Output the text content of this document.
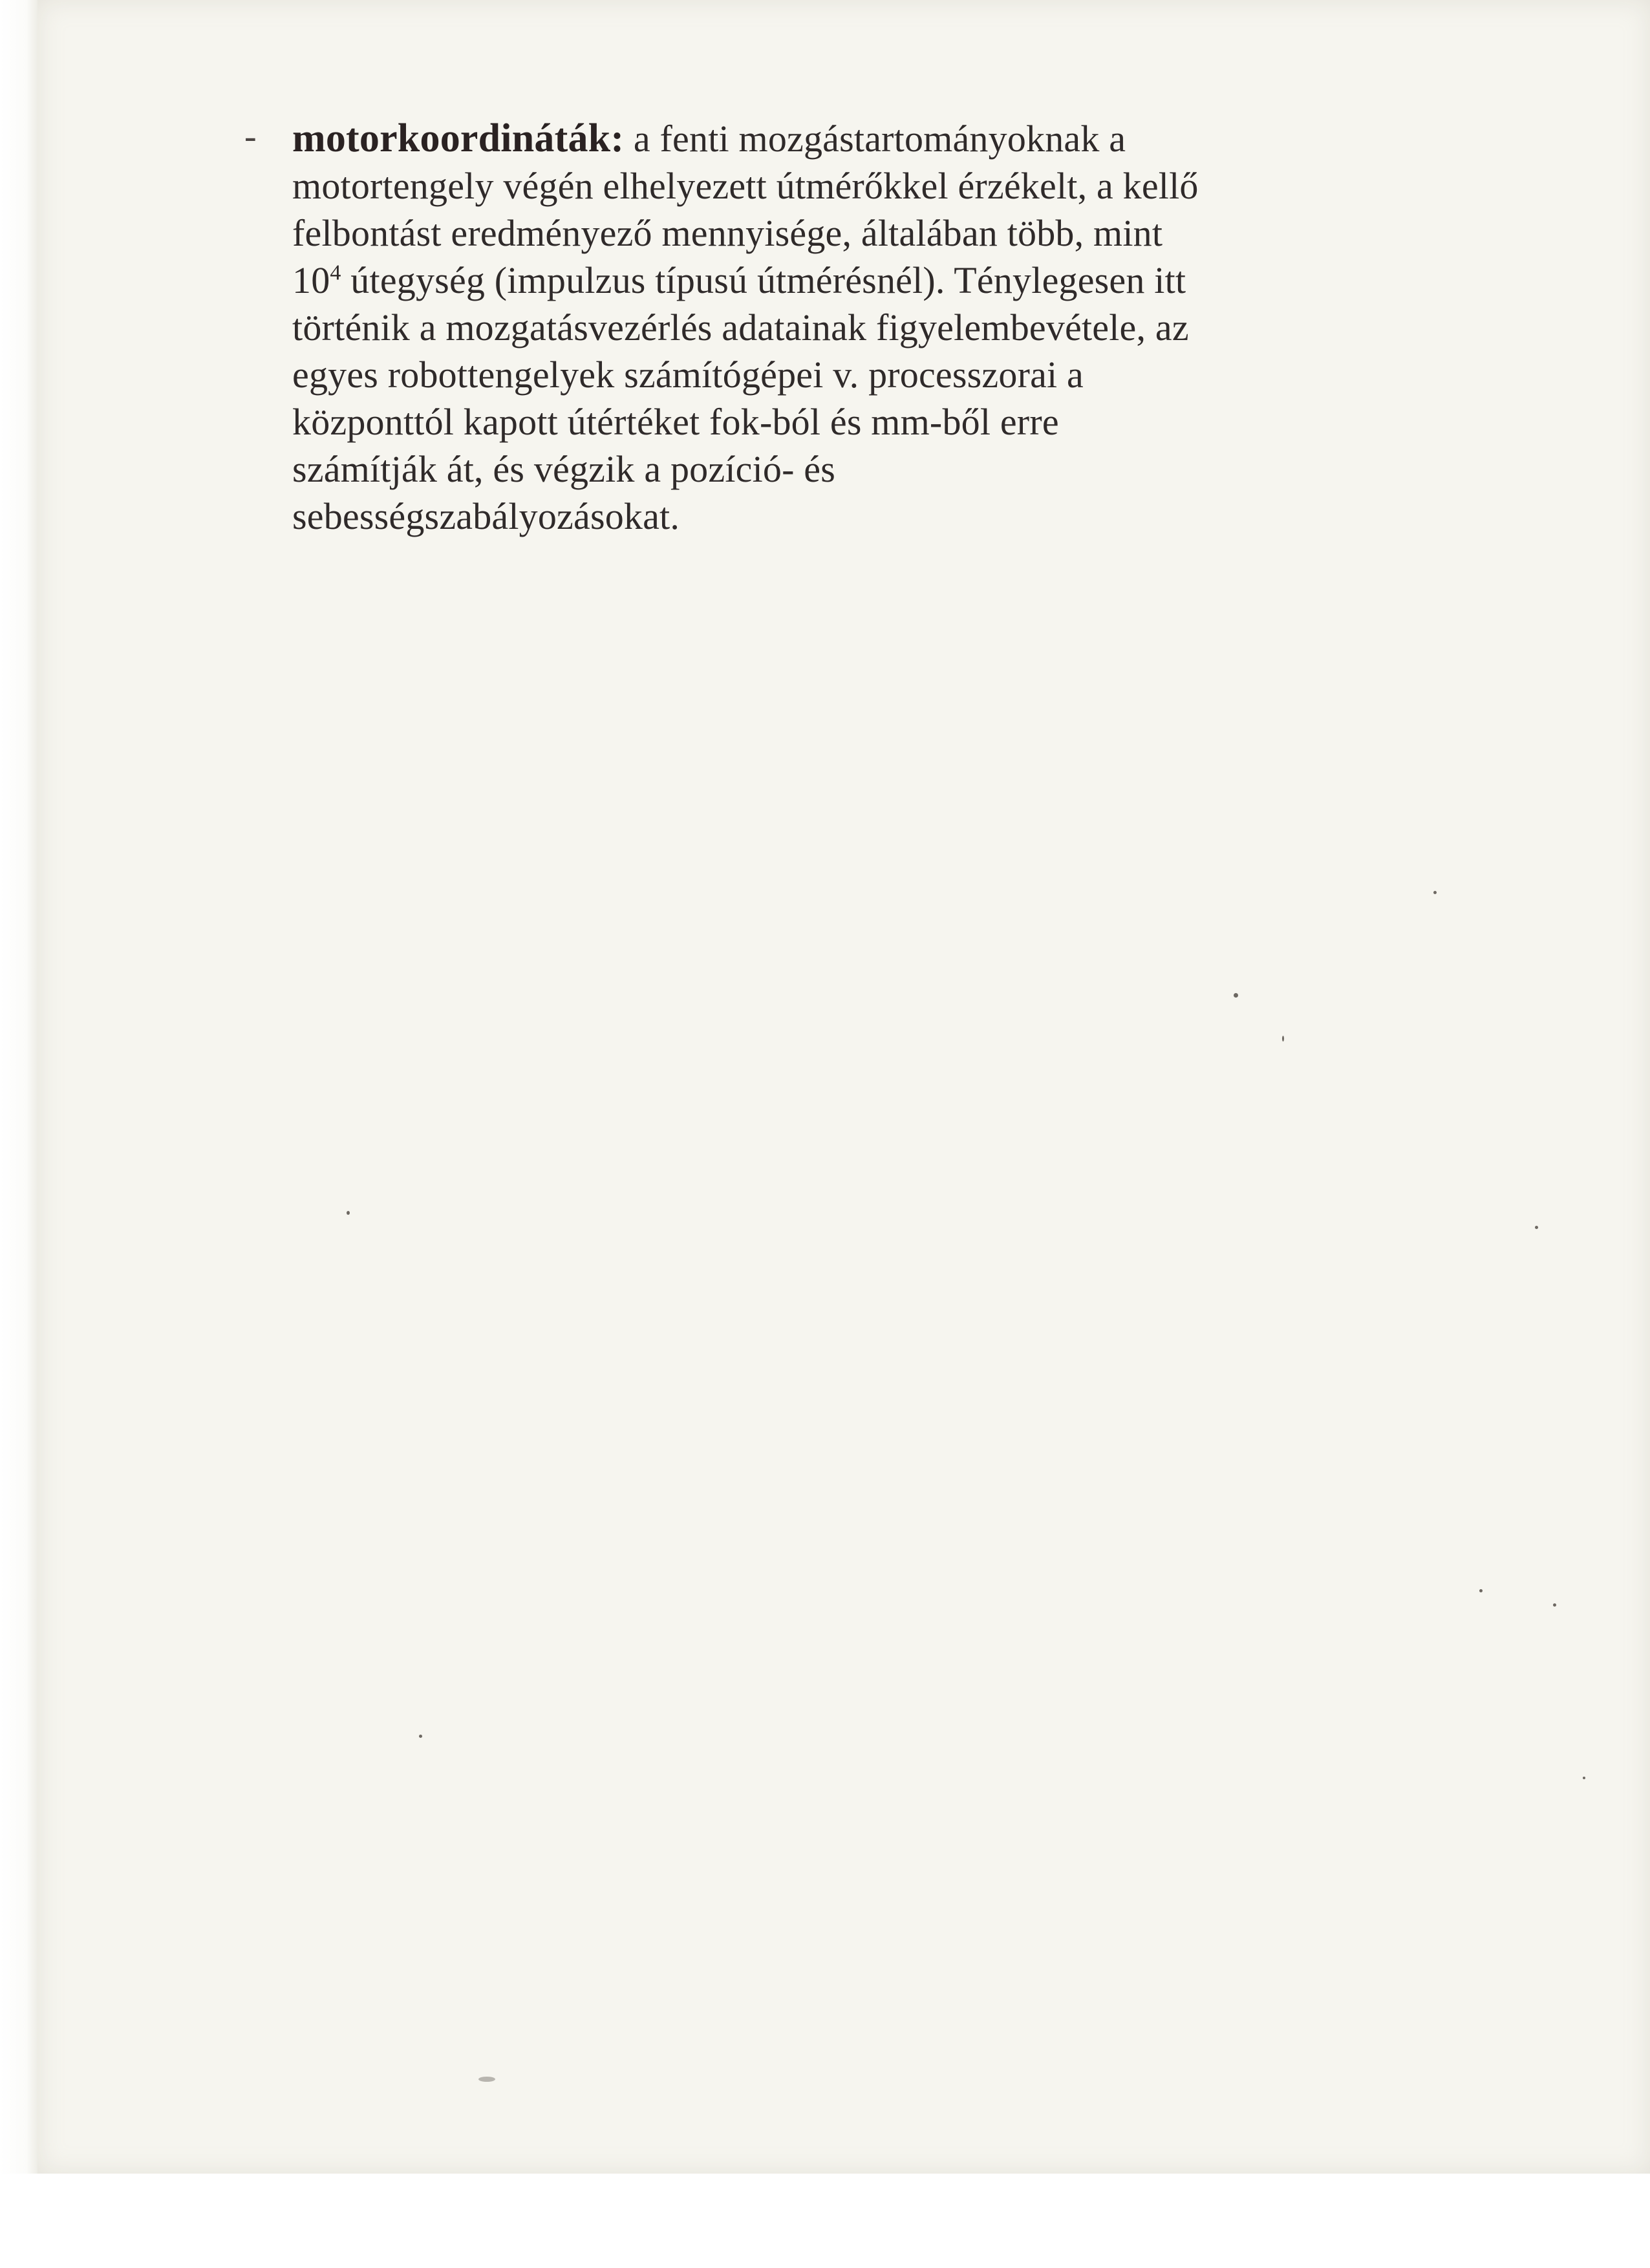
- motorkoordináták: a fenti mozgástartományoknak a
motortengely végén elhelyezett útmérőkkel érzékelt, a kellő
felbontást eredményező mennyisége, általában több, mint
$10^4$ útegység (impulzus típusú útmérésnél). Ténylegesen itt
történik a mozgatásvezérlés adatainak figyelembevétele, az
egyes robottengelyek számítógépei v. processzorai a
központtól kapott útértéket fok-ból és mm-ből erre
számítják át, és végzik a pozíció- és
sebességszabályozásokat.
